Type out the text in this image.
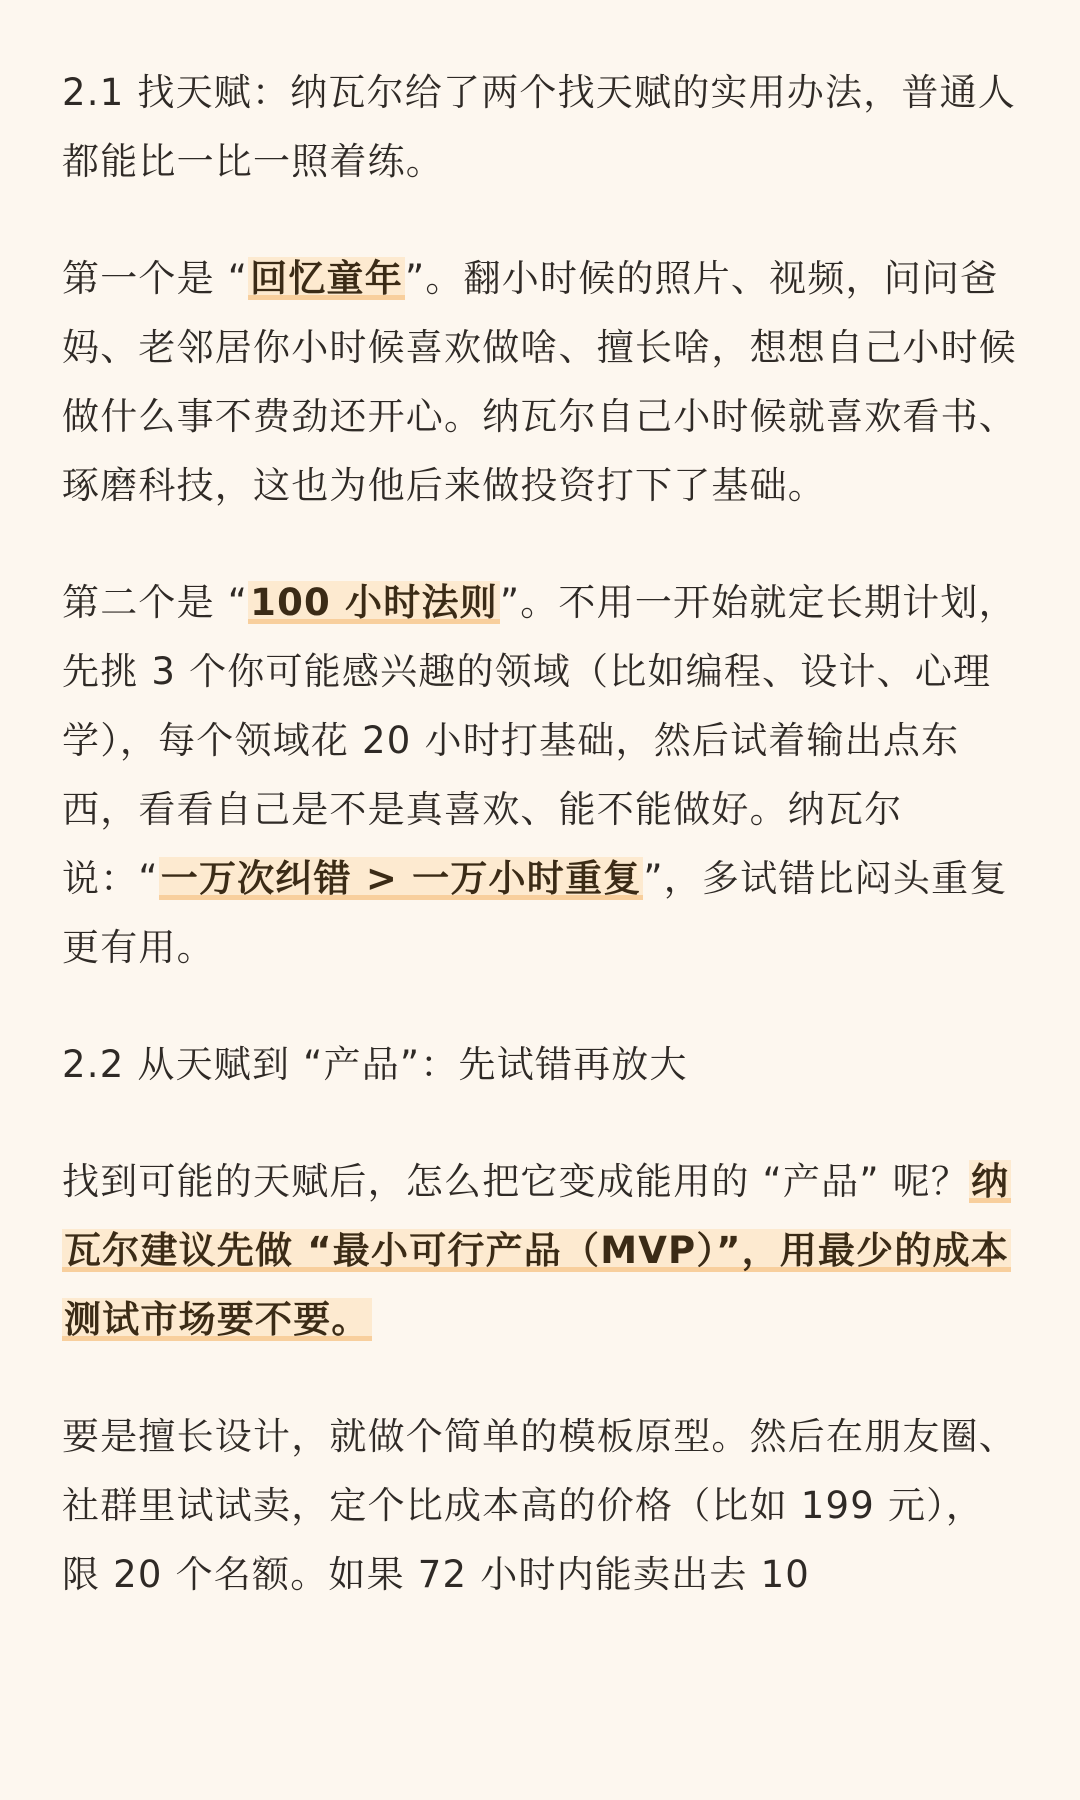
2.1 找天赋：纳瓦尔给了两个找天赋的实用办法，普通人都能比一比一照着练。

第一个是 “回忆童年”。翻小时候的照片、视频，问问爸妈、老邻居你小时候喜欢做啥、擅长啥，想想自己小时候做什么事不费劲还开心。纳瓦尔自己小时候就喜欢看书、琢磨科技，这也为他后来做投资打下了基础。

第二个是 “100 小时法则”。不用一开始就定长期计划，先挑 3 个你可能感兴趣的领域（比如编程、设计、心理学），每个领域花 20 小时打基础，然后试着输出点东西，看看自己是不是真喜欢、能不能做好。纳瓦尔说：“一万次纠错 > 一万小时重复”，多试错比闷头重复更有用。

2.2 从天赋到 “产品”：先试错再放大

找到可能的天赋后，怎么把它变成能用的 “产品” 呢？纳瓦尔建议先做 “最小可行产品（MVP）”，用最少的成本测试市场要不要。

要是擅长设计，就做个简单的模板原型。然后在朋友圈、社群里试试卖，定个比成本高的价格（比如 199 元），限 20 个名额。如果 72 小时内能卖出去 10
